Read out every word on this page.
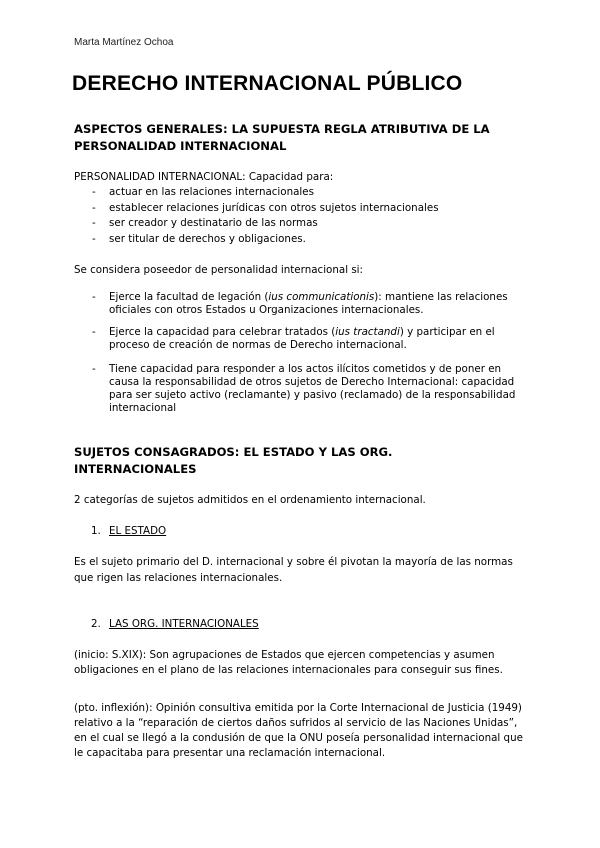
Marta Martínez Ochoa
DERECHO INTERNACIONAL PÚBLICO
ASPECTOS GENERALES: LA SUPUESTA REGLA ATRIBUTIVA DE LA PERSONALIDAD INTERNACIONAL
PERSONALIDAD INTERNACIONAL: Capacidad para:
- actuar en las relaciones internacionales
- establecer relaciones jurídicas con otros sujetos internacionales
- ser creador y destinatario de las normas
- ser titular de derechos y obligaciones.
Se considera poseedor de personalidad internacional si:
-	Ejerce la facultad de legación (ius communicationis): mantiene las relaciones oficiales con otros Estados u Organizaciones internacionales.
-	Ejerce la capacidad para celebrar tratados (ius tractandi) y participar en el proceso de creación de normas de Derecho internacional.
-	Tiene capacidad para responder a los actos ilícitos cometidos y de poner en causa la responsabilidad de otros sujetos de Derecho Internacional: capacidad para ser sujeto activo (reclamante) y pasivo (reclamado) de la responsabilidad internacional
SUJETOS CONSAGRADOS: EL ESTADO Y LAS ORG. INTERNACIONALES
2 categorías de sujetos admitidos en el ordenamiento internacional.
1. EL ESTADO
Es el sujeto primario del D. internacional y sobre él pivotan la mayoría de las normas que rigen las relaciones internacionales.
2. LAS ORG. INTERNACIONALES
(inicio: S.XIX): Son agrupaciones de Estados que ejercen competencias y asumen obligaciones en el plano de las relaciones internacionales para conseguir sus fines.
(pto. inflexión): Opinión consultiva emitida por la Corte Internacional de Justicia (1949) relativo a la “reparación de ciertos daños sufridos al servicio de las Naciones Unidas”, en el cual se llegó a la condusión de que la ONU poseía personalidad internacional que le capacitaba para presentar una reclamación internacional.
